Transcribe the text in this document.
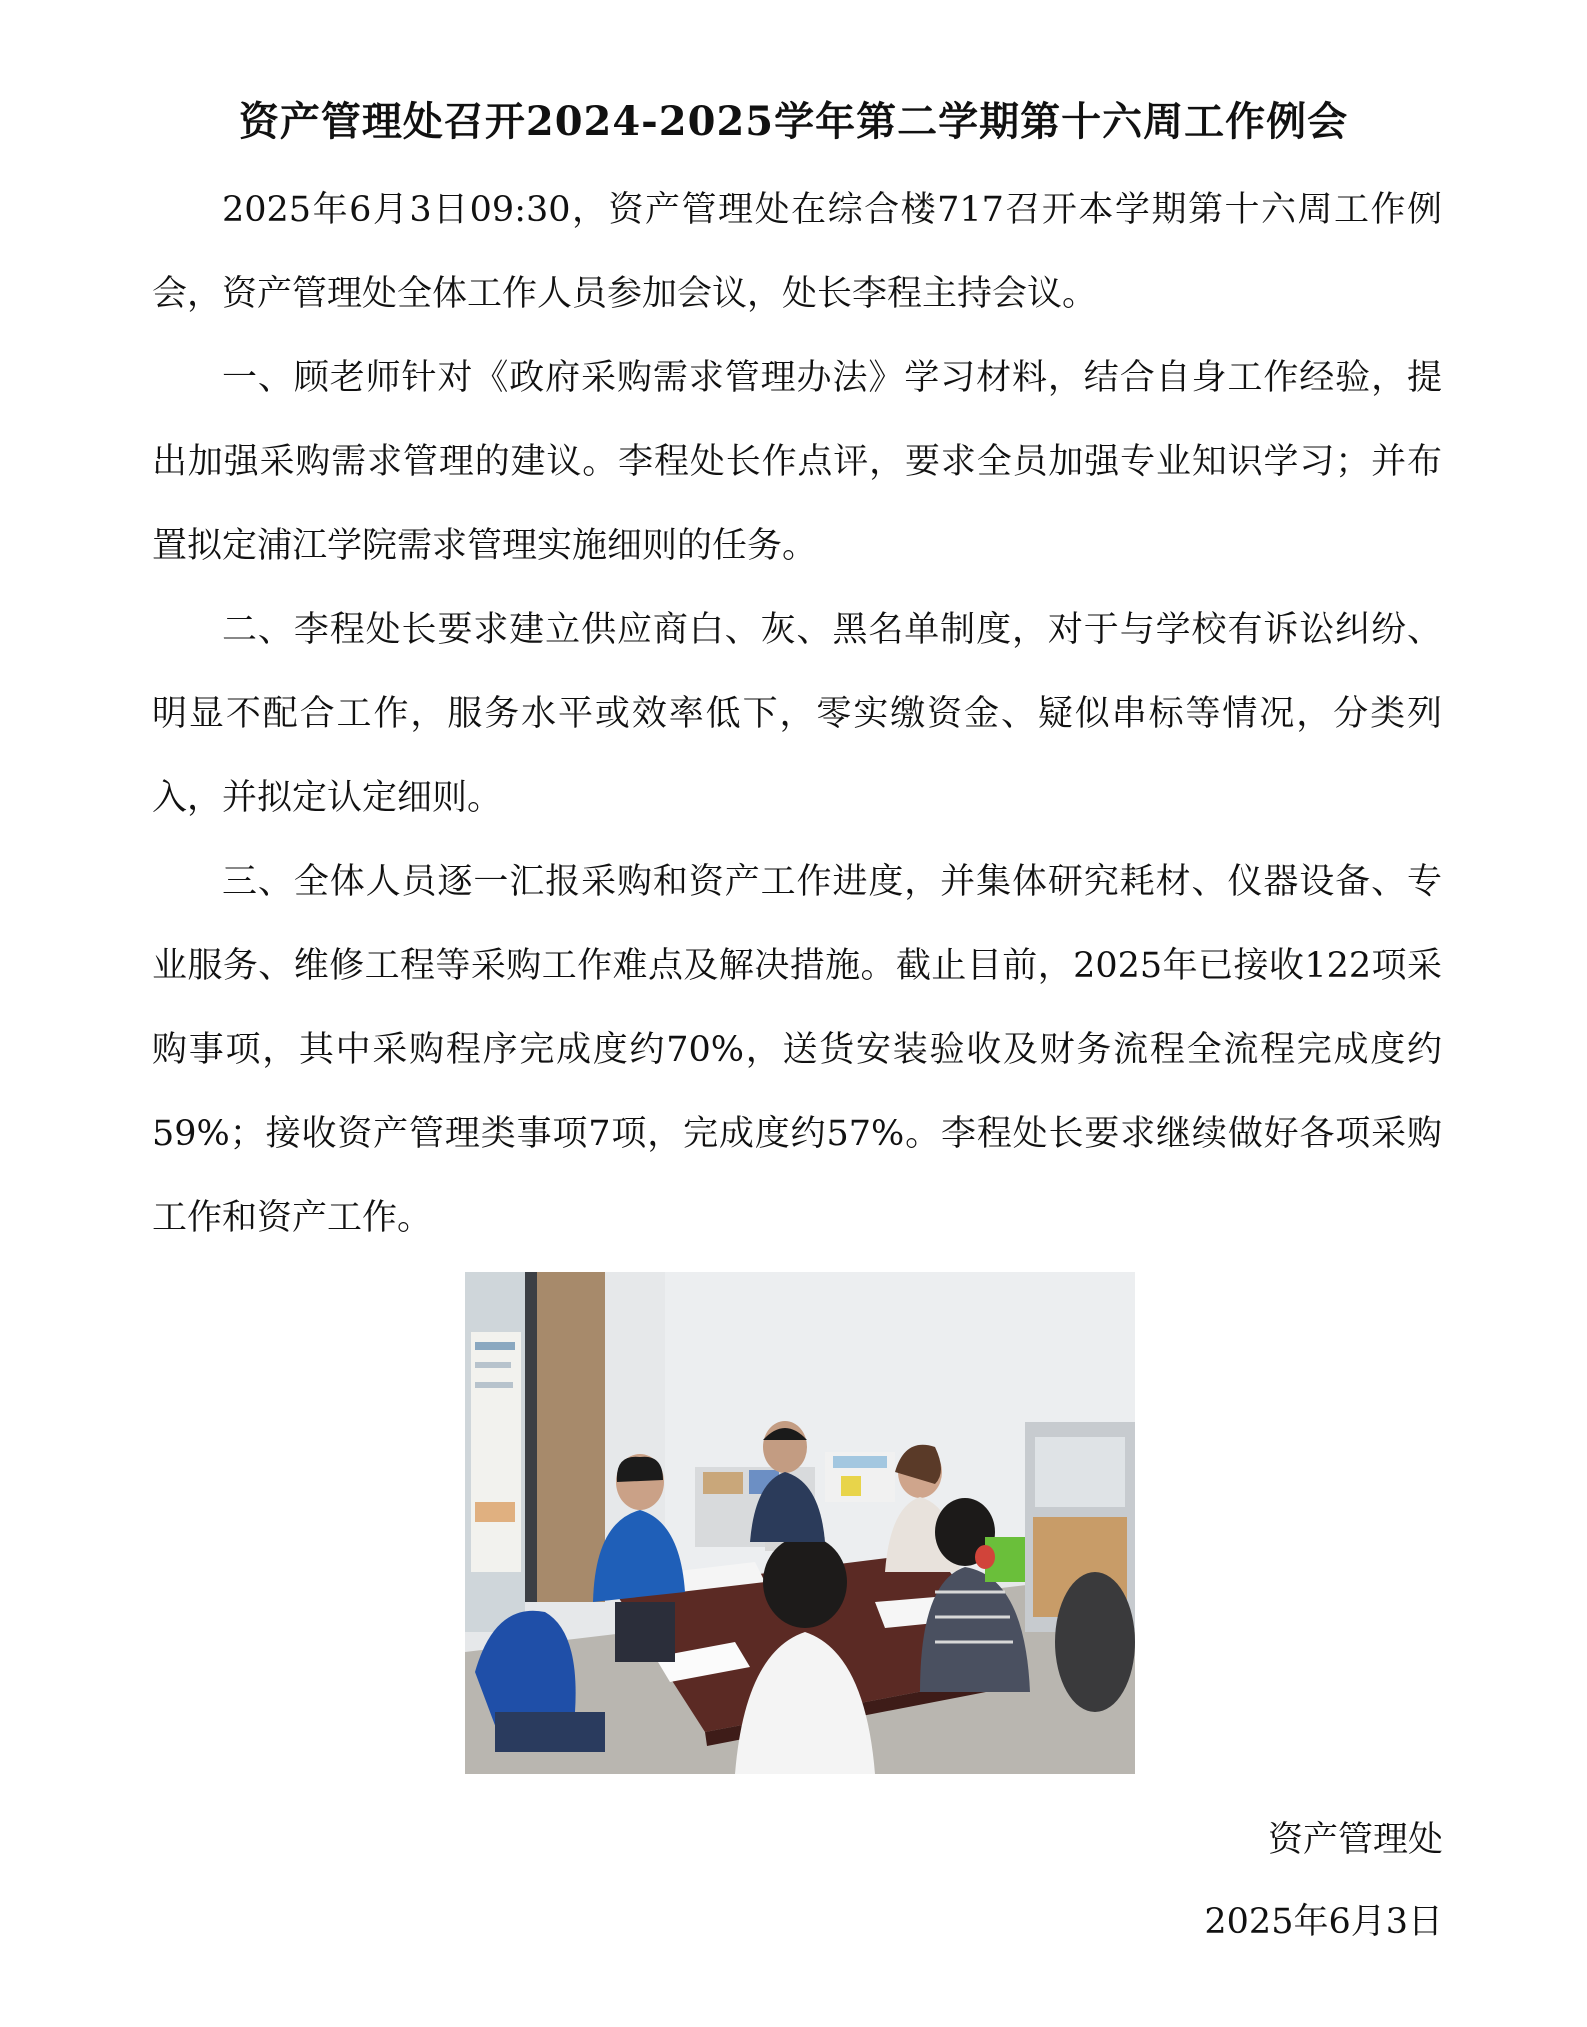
资产管理处召开2024-2025学年第二学期第十六周工作例会

2025年6月3日09:30，资产管理处在综合楼717召开本学期第十六周工作例会，资产管理处全体工作人员参加会议，处长李程主持会议。

一、顾老师针对《政府采购需求管理办法》学习材料，结合自身工作经验，提出加强采购需求管理的建议。李程处长作点评，要求全员加强专业知识学习；并布置拟定浦江学院需求管理实施细则的任务。

二、李程处长要求建立供应商白、灰、黑名单制度，对于与学校有诉讼纠纷、明显不配合工作，服务水平或效率低下，零实缴资金、疑似串标等情况，分类列入，并拟定认定细则。

三、全体人员逐一汇报采购和资产工作进度，并集体研究耗材、仪器设备、专业服务、维修工程等采购工作难点及解决措施。截止目前，2025年已接收122项采购事项，其中采购程序完成度约70%，送货安装验收及财务流程全流程完成度约59%；接收资产管理类事项7项，完成度约57%。李程处长要求继续做好各项采购工作和资产工作。

资产管理处
2025年6月3日
